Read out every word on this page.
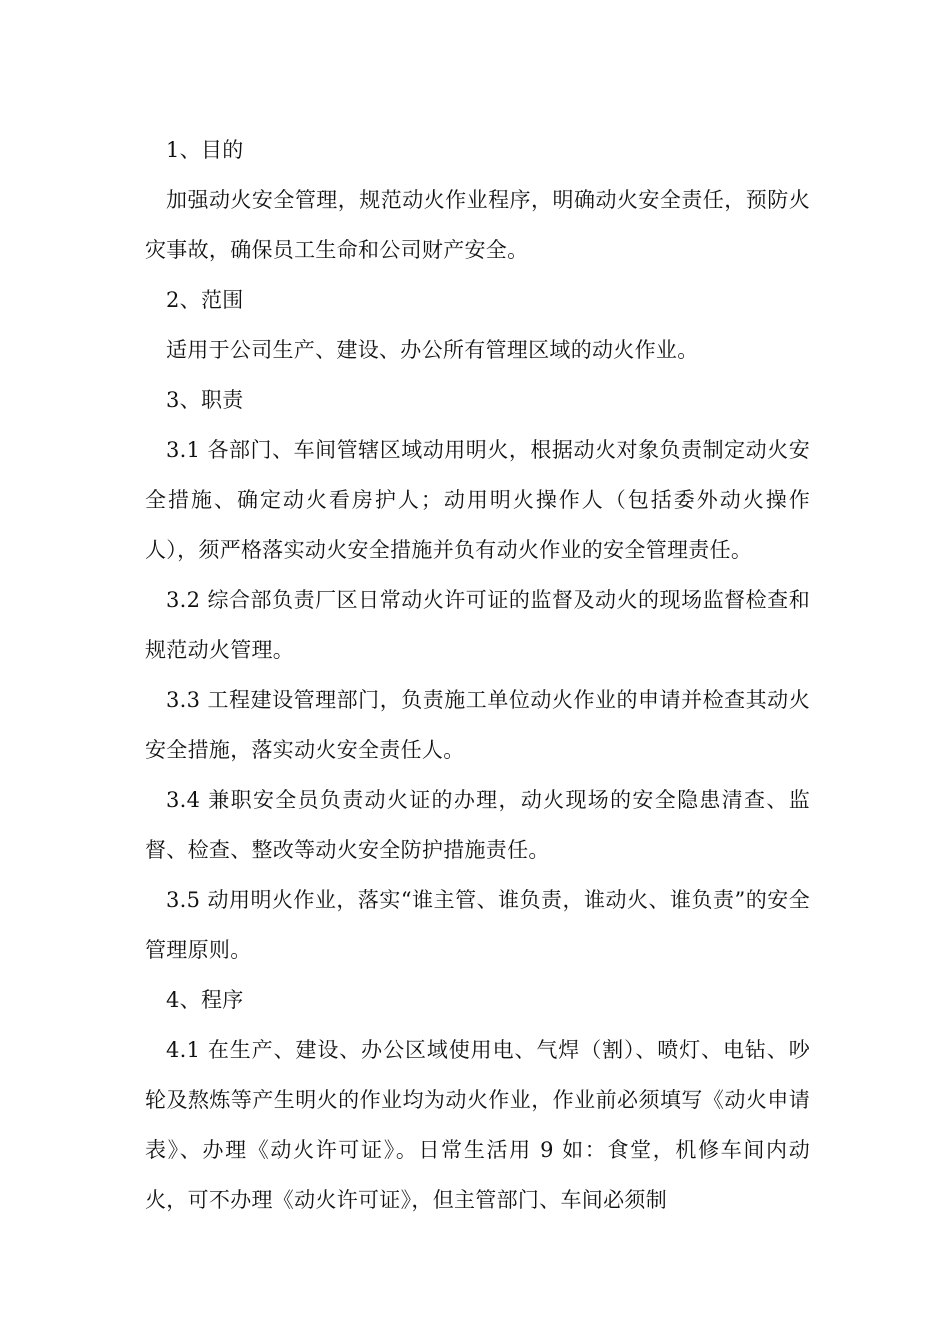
1、目的

加强动火安全管理，规范动火作业程序，明确动火安全责任，预防火灾事故，确保员工生命和公司财产安全。

2、范围

适用于公司生产、建设、办公所有管理区域的动火作业。

3、职责

3.1 各部门、车间管辖区域动用明火，根据动火对象负责制定动火安全措施、确定动火看房护人；动用明火操作人（包括委外动火操作人），须严格落实动火安全措施并负有动火作业的安全管理责任。

3.2 综合部负责厂区日常动火许可证的监督及动火的现场监督检查和规范动火管理。

3.3 工程建设管理部门，负责施工单位动火作业的申请并检查其动火安全措施，落实动火安全责任人。

3.4 兼职安全员负责动火证的办理，动火现场的安全隐患清查、监督、检查、整改等动火安全防护措施责任。

3.5 动用明火作业，落实“谁主管、谁负责，谁动火、谁负责”的安全管理原则。

4、程序

4.1 在生产、建设、办公区域使用电、气焊（割）、喷灯、电钻、吵轮及熬炼等产生明火的作业均为动火作业，作业前必须填写《动火申请表》、办理《动火许可证》。日常生活用 9 如：食堂，机修车间内动火，可不办理《动火许可证》，但主管部门、车间必须制
